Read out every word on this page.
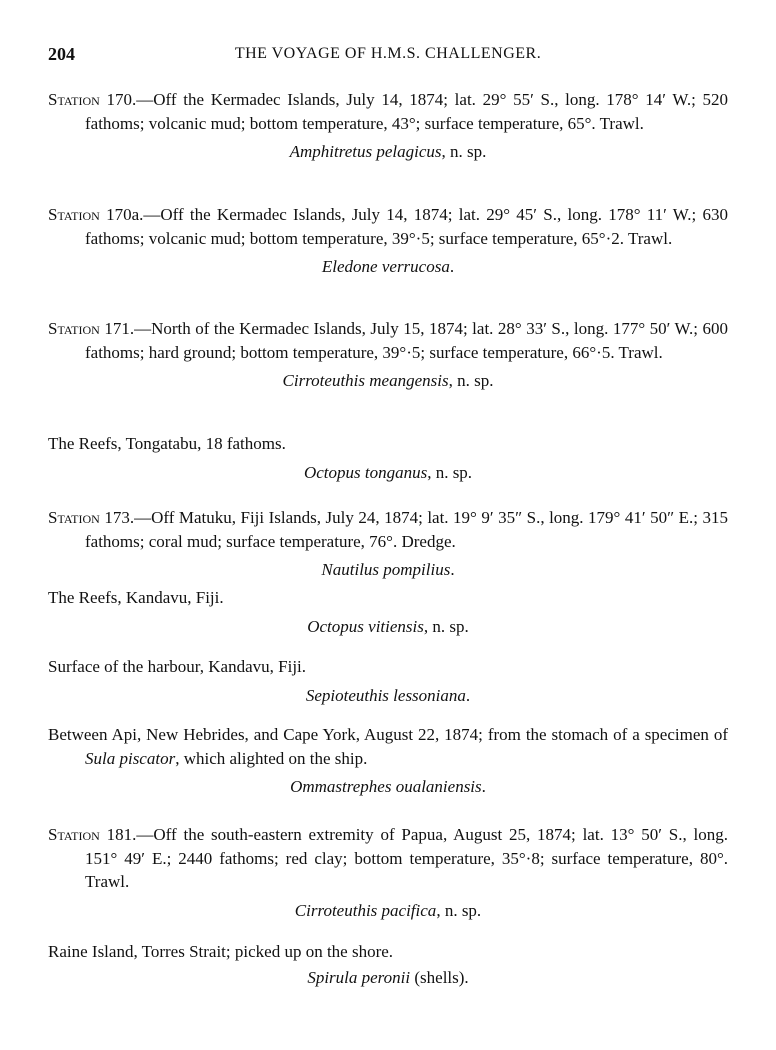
204	THE VOYAGE OF H.M.S. CHALLENGER.

Station 170.—Off the Kermadec Islands, July 14, 1874; lat. 29° 55′ S., long. 178° 14′ W.; 520 fathoms; volcanic mud; bottom temperature, 43°; surface temperature, 65°. Trawl.

Amphitretus pelagicus, n. sp.

Station 170a.—Off the Kermadec Islands, July 14, 1874; lat. 29° 45′ S., long. 178° 11′ W.; 630 fathoms; volcanic mud; bottom temperature, 39°·5; surface temperature, 65°·2. Trawl.

Eledone verrucosa.

Station 171.—North of the Kermadec Islands, July 15, 1874; lat. 28° 33′ S., long. 177° 50′ W.; 600 fathoms; hard ground; bottom temperature, 39°·5; surface temperature, 66°·5. Trawl.

Cirroteuthis meangensis, n. sp.

The Reefs, Tongatabu, 18 fathoms.

Octopus tonganus, n. sp.

Station 173.—Off Matuku, Fiji Islands, July 24, 1874; lat. 19° 9′ 35″ S., long. 179° 41′ 50″ E.; 315 fathoms; coral mud; surface temperature, 76°. Dredge.

Nautilus pompilius.

The Reefs, Kandavu, Fiji.

Octopus vitiensis, n. sp.

Surface of the harbour, Kandavu, Fiji.

Sepioteuthis lessoniana.

Between Api, New Hebrides, and Cape York, August 22, 1874; from the stomach of a specimen of Sula piscator, which alighted on the ship.

Ommastrephes oualaniensis.

Station 181.—Off the south-eastern extremity of Papua, August 25, 1874; lat. 13° 50′ S., long. 151° 49′ E.; 2440 fathoms; red clay; bottom temperature, 35°·8; surface temperature, 80°. Trawl.

Cirroteuthis pacifica, n. sp.

Raine Island, Torres Strait; picked up on the shore.

Spirula peronii (shells).
